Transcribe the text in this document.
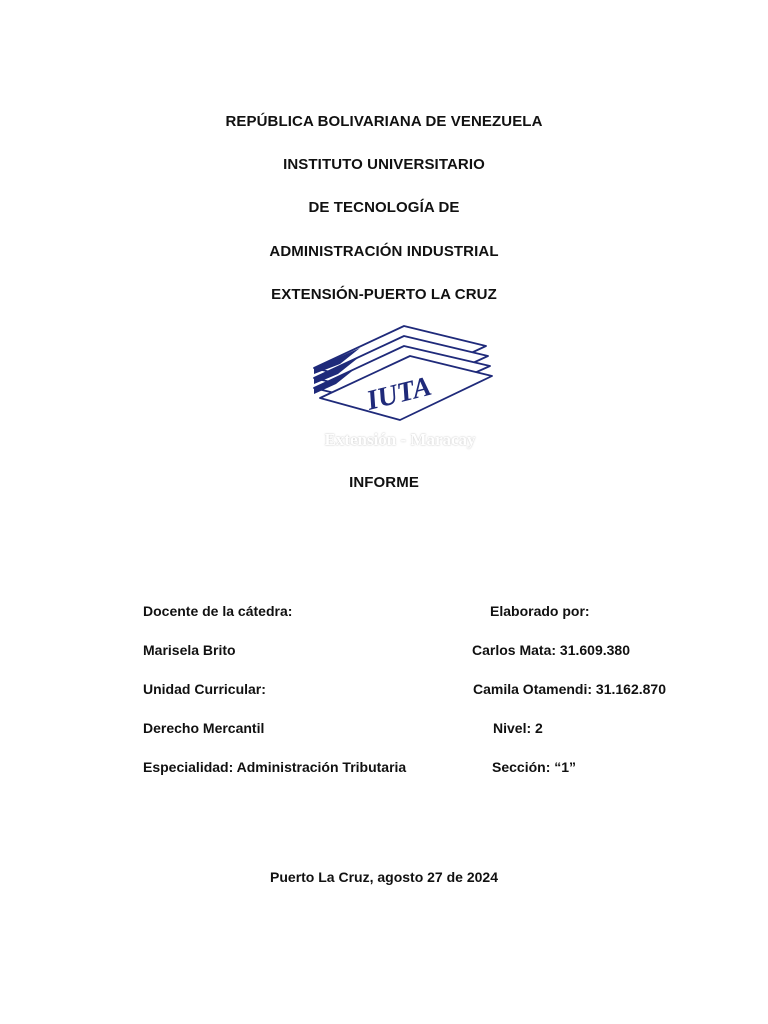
REPÚBLICA BOLIVARIANA DE VENEZUELA
INSTITUTO UNIVERSITARIO
DE TECNOLOGÍA DE
ADMINISTRACIÓN INDUSTRIAL
EXTENSIÓN-PUERTO LA CRUZ
IUTA
Extensión - Maracay
INFORME
Docente de la cátedra:	Elaborado por:
Marisela Brito	Carlos Mata: 31.609.380
Unidad Curricular:	Camila Otamendi: 31.162.870
Derecho Mercantil	Nivel: 2
Especialidad: Administración Tributaria	Sección: “1”
Puerto La Cruz, agosto 27 de 2024
